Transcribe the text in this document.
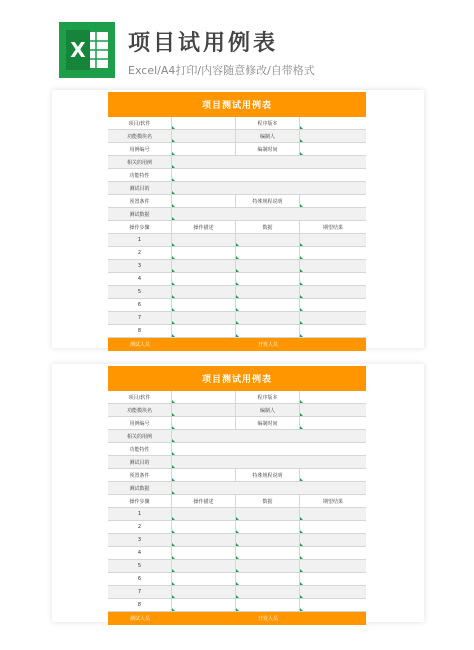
X 项目试用例表
Excel/A4打印/内容随意修改/自带格式
项目测试用例表
项目/软件	程序版本
功能模块名	编制人
用例编号	编制时间
相关的用例
功能特性
测试目的
预置条件	特殊规程说明
测试数据
操作步骤	操作描述	数据	期望结果
1
2
3
4
5
6
7
8
测试人员	开发人员
项目测试用例表
项目/软件	程序版本
功能模块名	编制人
用例编号	编制时间
相关的用例
功能特性
测试目的
预置条件	特殊规程说明
测试数据
操作步骤	操作描述	数据	期望结果
1
2
3
4
5
6
7
8
测试人员	开发人员
